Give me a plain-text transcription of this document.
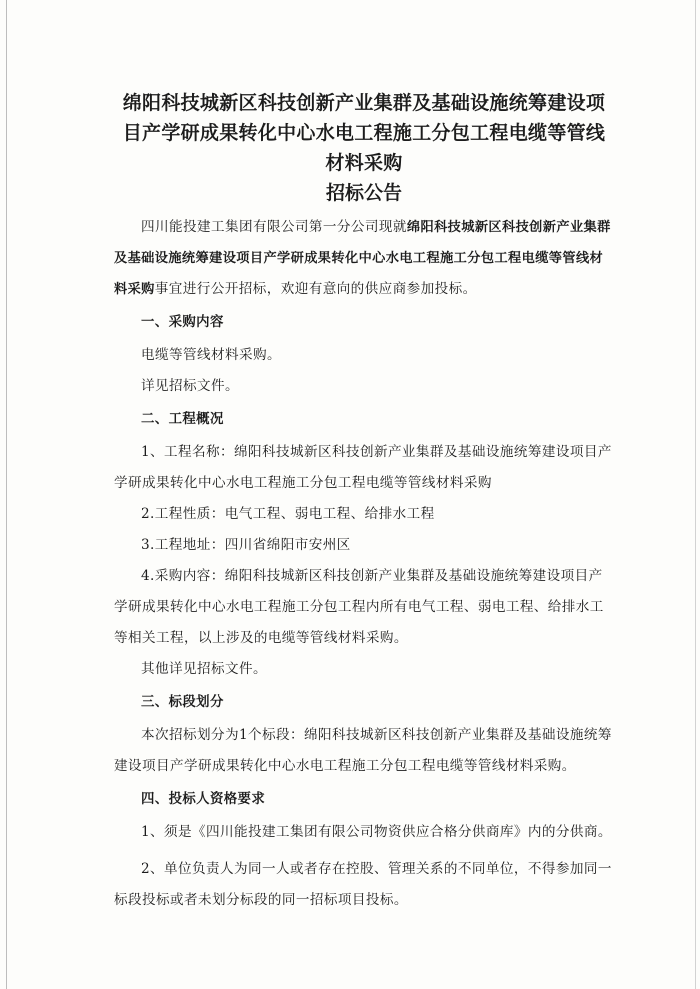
绵阳科技城新区科技创新产业集群及基础设施统筹建设项
目产学研成果转化中心水电工程施工分包工程电缆等管线
材料采购
招标公告

四川能投建工集团有限公司第一分公司现就绵阳科技城新区科技创新产业集群及基础设施统筹建设项目产学研成果转化中心水电工程施工分包工程电缆等管线材料采购事宜进行公开招标，欢迎有意向的供应商参加投标。

一、采购内容

电缆等管线材料采购。

详见招标文件。

二、工程概况

1、工程名称：绵阳科技城新区科技创新产业集群及基础设施统筹建设项目产学研成果转化中心水电工程施工分包工程电缆等管线材料采购

2.工程性质：电气工程、弱电工程、给排水工程

3.工程地址：四川省绵阳市安州区

4.采购内容：绵阳科技城新区科技创新产业集群及基础设施统筹建设项目产学研成果转化中心水电工程施工分包工程内所有电气工程、弱电工程、给排水工等相关工程，以上涉及的电缆等管线材料采购。

其他详见招标文件。

三、标段划分

本次招标划分为1个标段：绵阳科技城新区科技创新产业集群及基础设施统筹建设项目产学研成果转化中心水电工程施工分包工程电缆等管线材料采购。

四、投标人资格要求

1、须是《四川能投建工集团有限公司物资供应合格分供商库》内的分供商。

2、单位负责人为同一人或者存在控股、管理关系的不同单位，不得参加同一标段投标或者未划分标段的同一招标项目投标。
